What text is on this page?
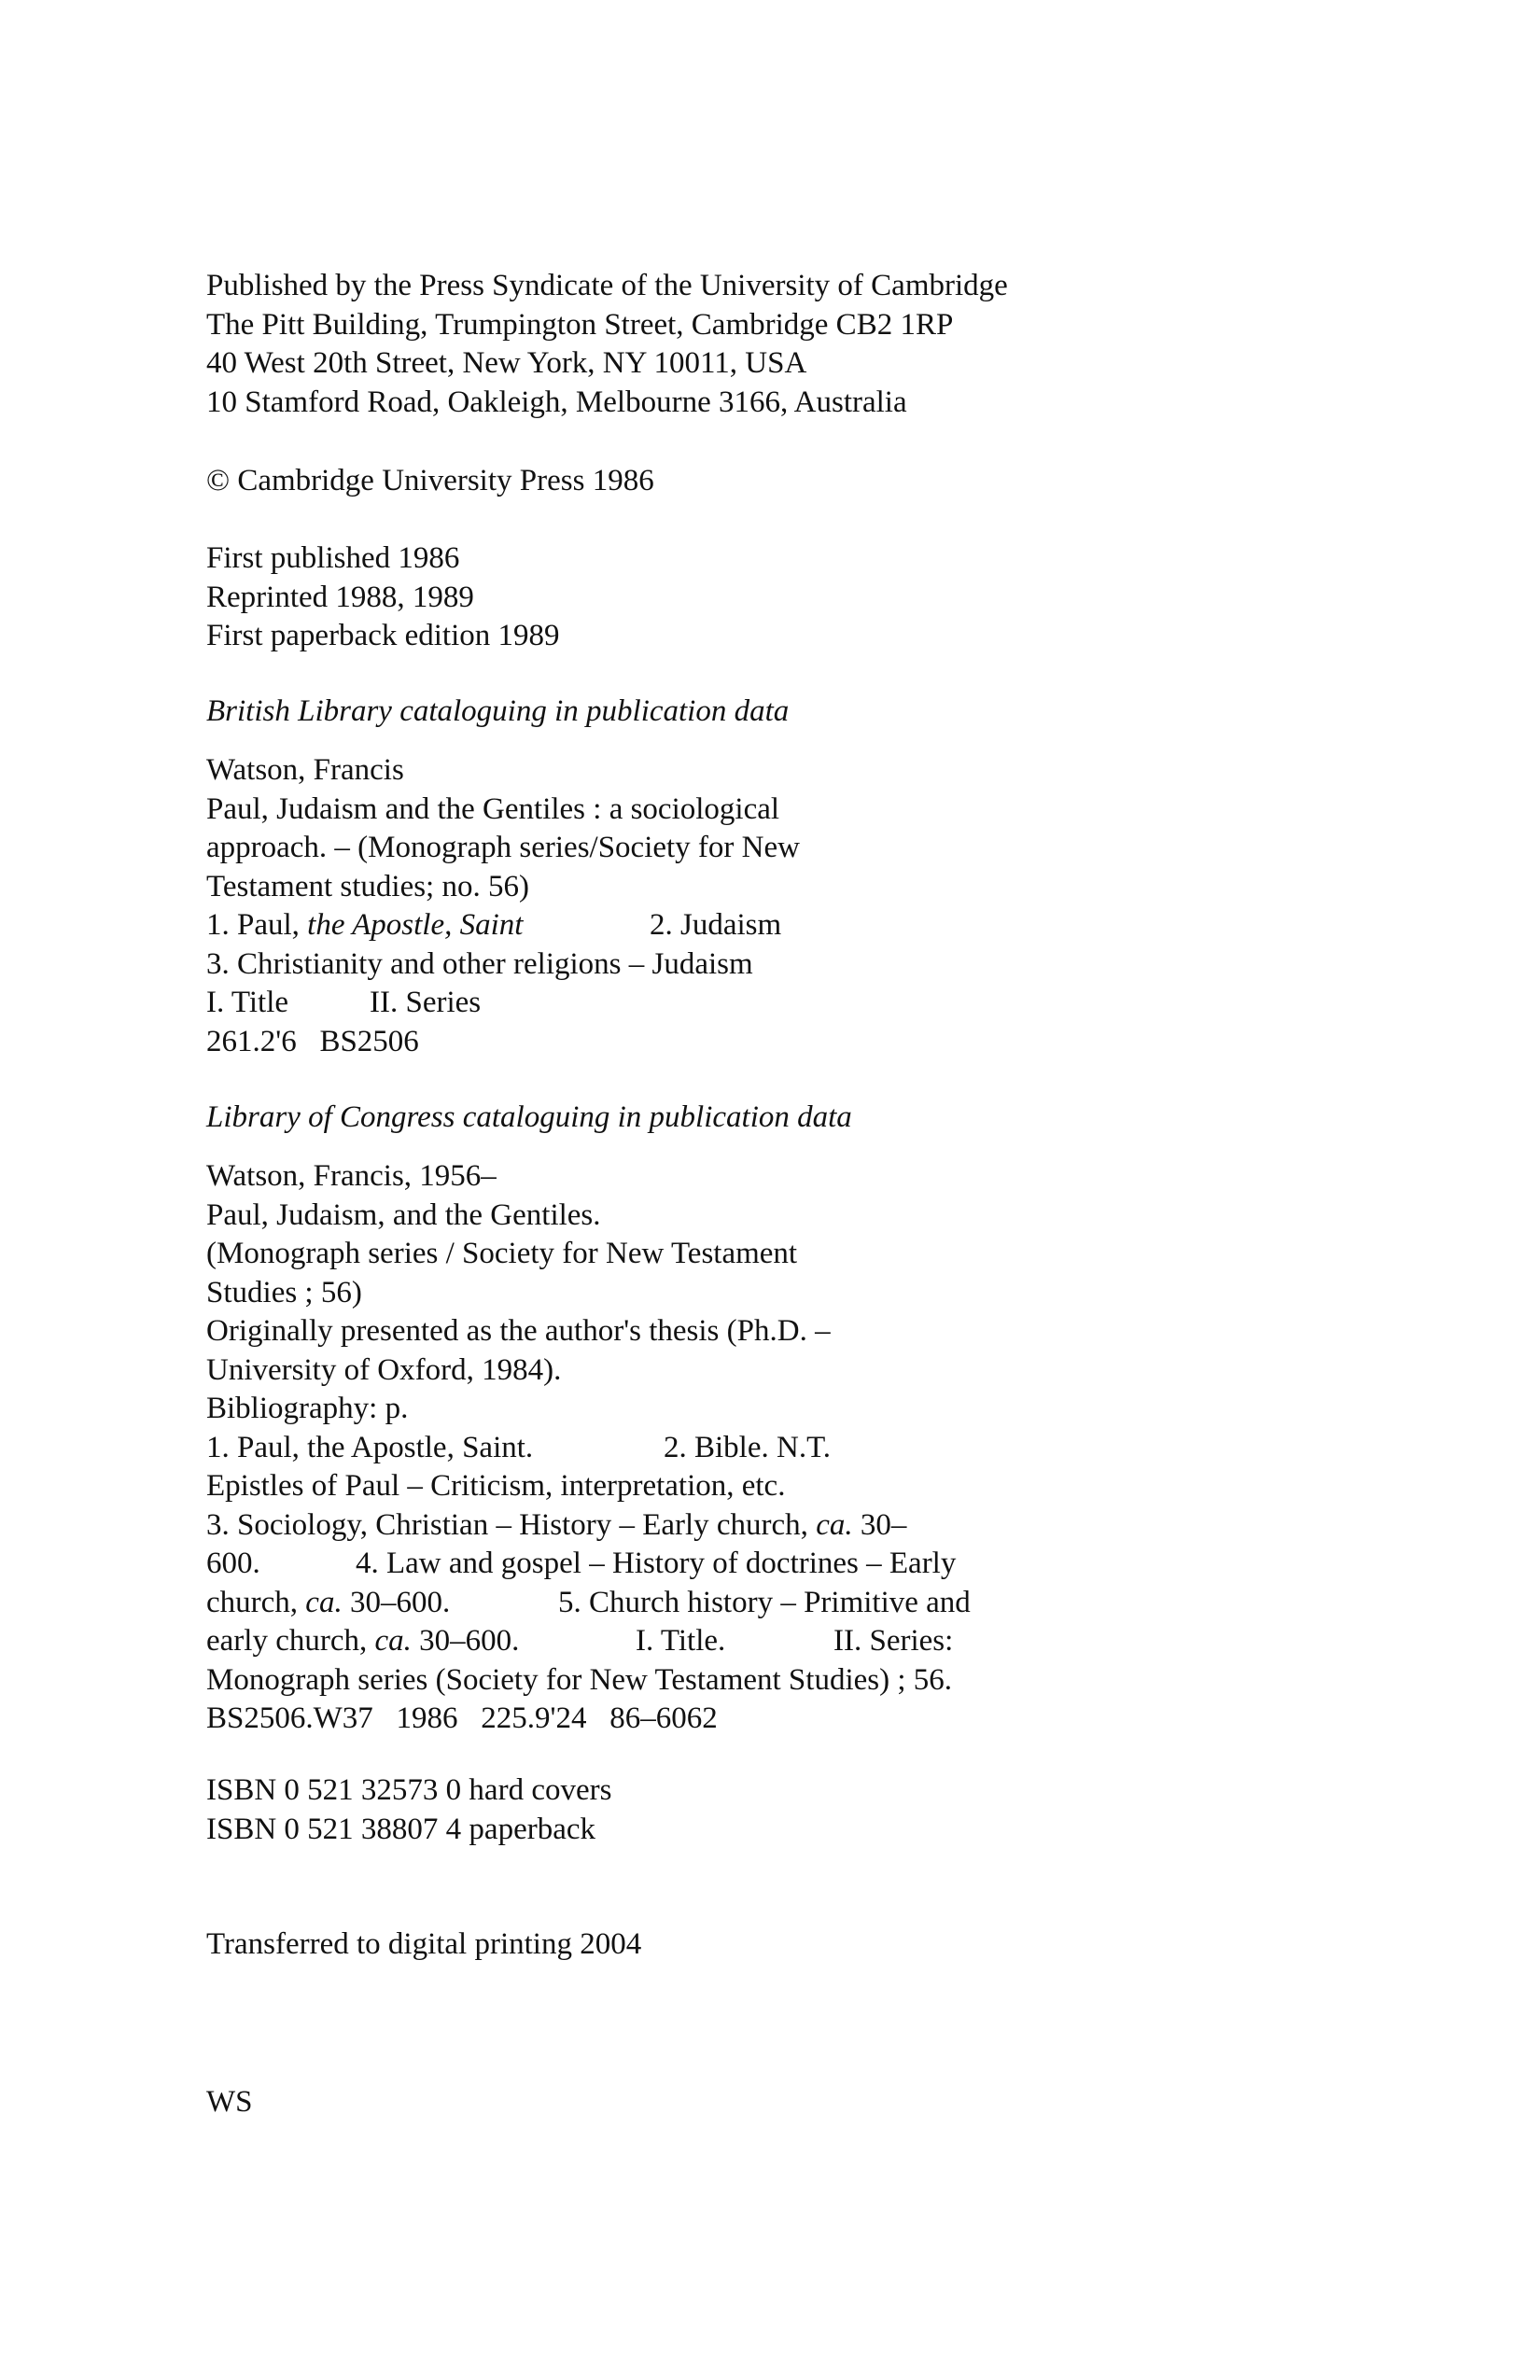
Published by the Press Syndicate of the University of Cambridge
The Pitt Building, Trumpington Street, Cambridge CB2 1RP
40 West 20th Street, New York, NY 10011, USA
10 Stamford Road, Oakleigh, Melbourne 3166, Australia
© Cambridge University Press 1986
First published 1986
Reprinted 1988, 1989
First paperback edition 1989
British Library cataloguing in publication data
Watson, Francis
Paul, Judaism and the Gentiles : a sociological
approach. – (Monograph series/Society for New
Testament studies; no. 56)
1. Paul, the Apostle, Saint	2. Judaism
3. Christianity and other religions – Judaism
I. Title	II. Series
261.2'6   BS2506
Library of Congress cataloguing in publication data
Watson, Francis, 1956–
Paul, Judaism, and the Gentiles.
(Monograph series / Society for New Testament
Studies ; 56)
Originally presented as the author's thesis (Ph.D. –
University of Oxford, 1984).
Bibliography: p.
1. Paul, the Apostle, Saint.	2. Bible. N.T.
Epistles of Paul – Criticism, interpretation, etc.
3. Sociology, Christian – History – Early church, ca. 30–
600.	4. Law and gospel – History of doctrines – Early
church, ca. 30–600.	5. Church history – Primitive and
early church, ca. 30–600.	I. Title.	II. Series:
Monograph series (Society for New Testament Studies) ; 56.
BS2506.W37   1986   225.9'24   86–6062
ISBN 0 521 32573 0 hard covers
ISBN 0 521 38807 4 paperback
Transferred to digital printing 2004
WS
